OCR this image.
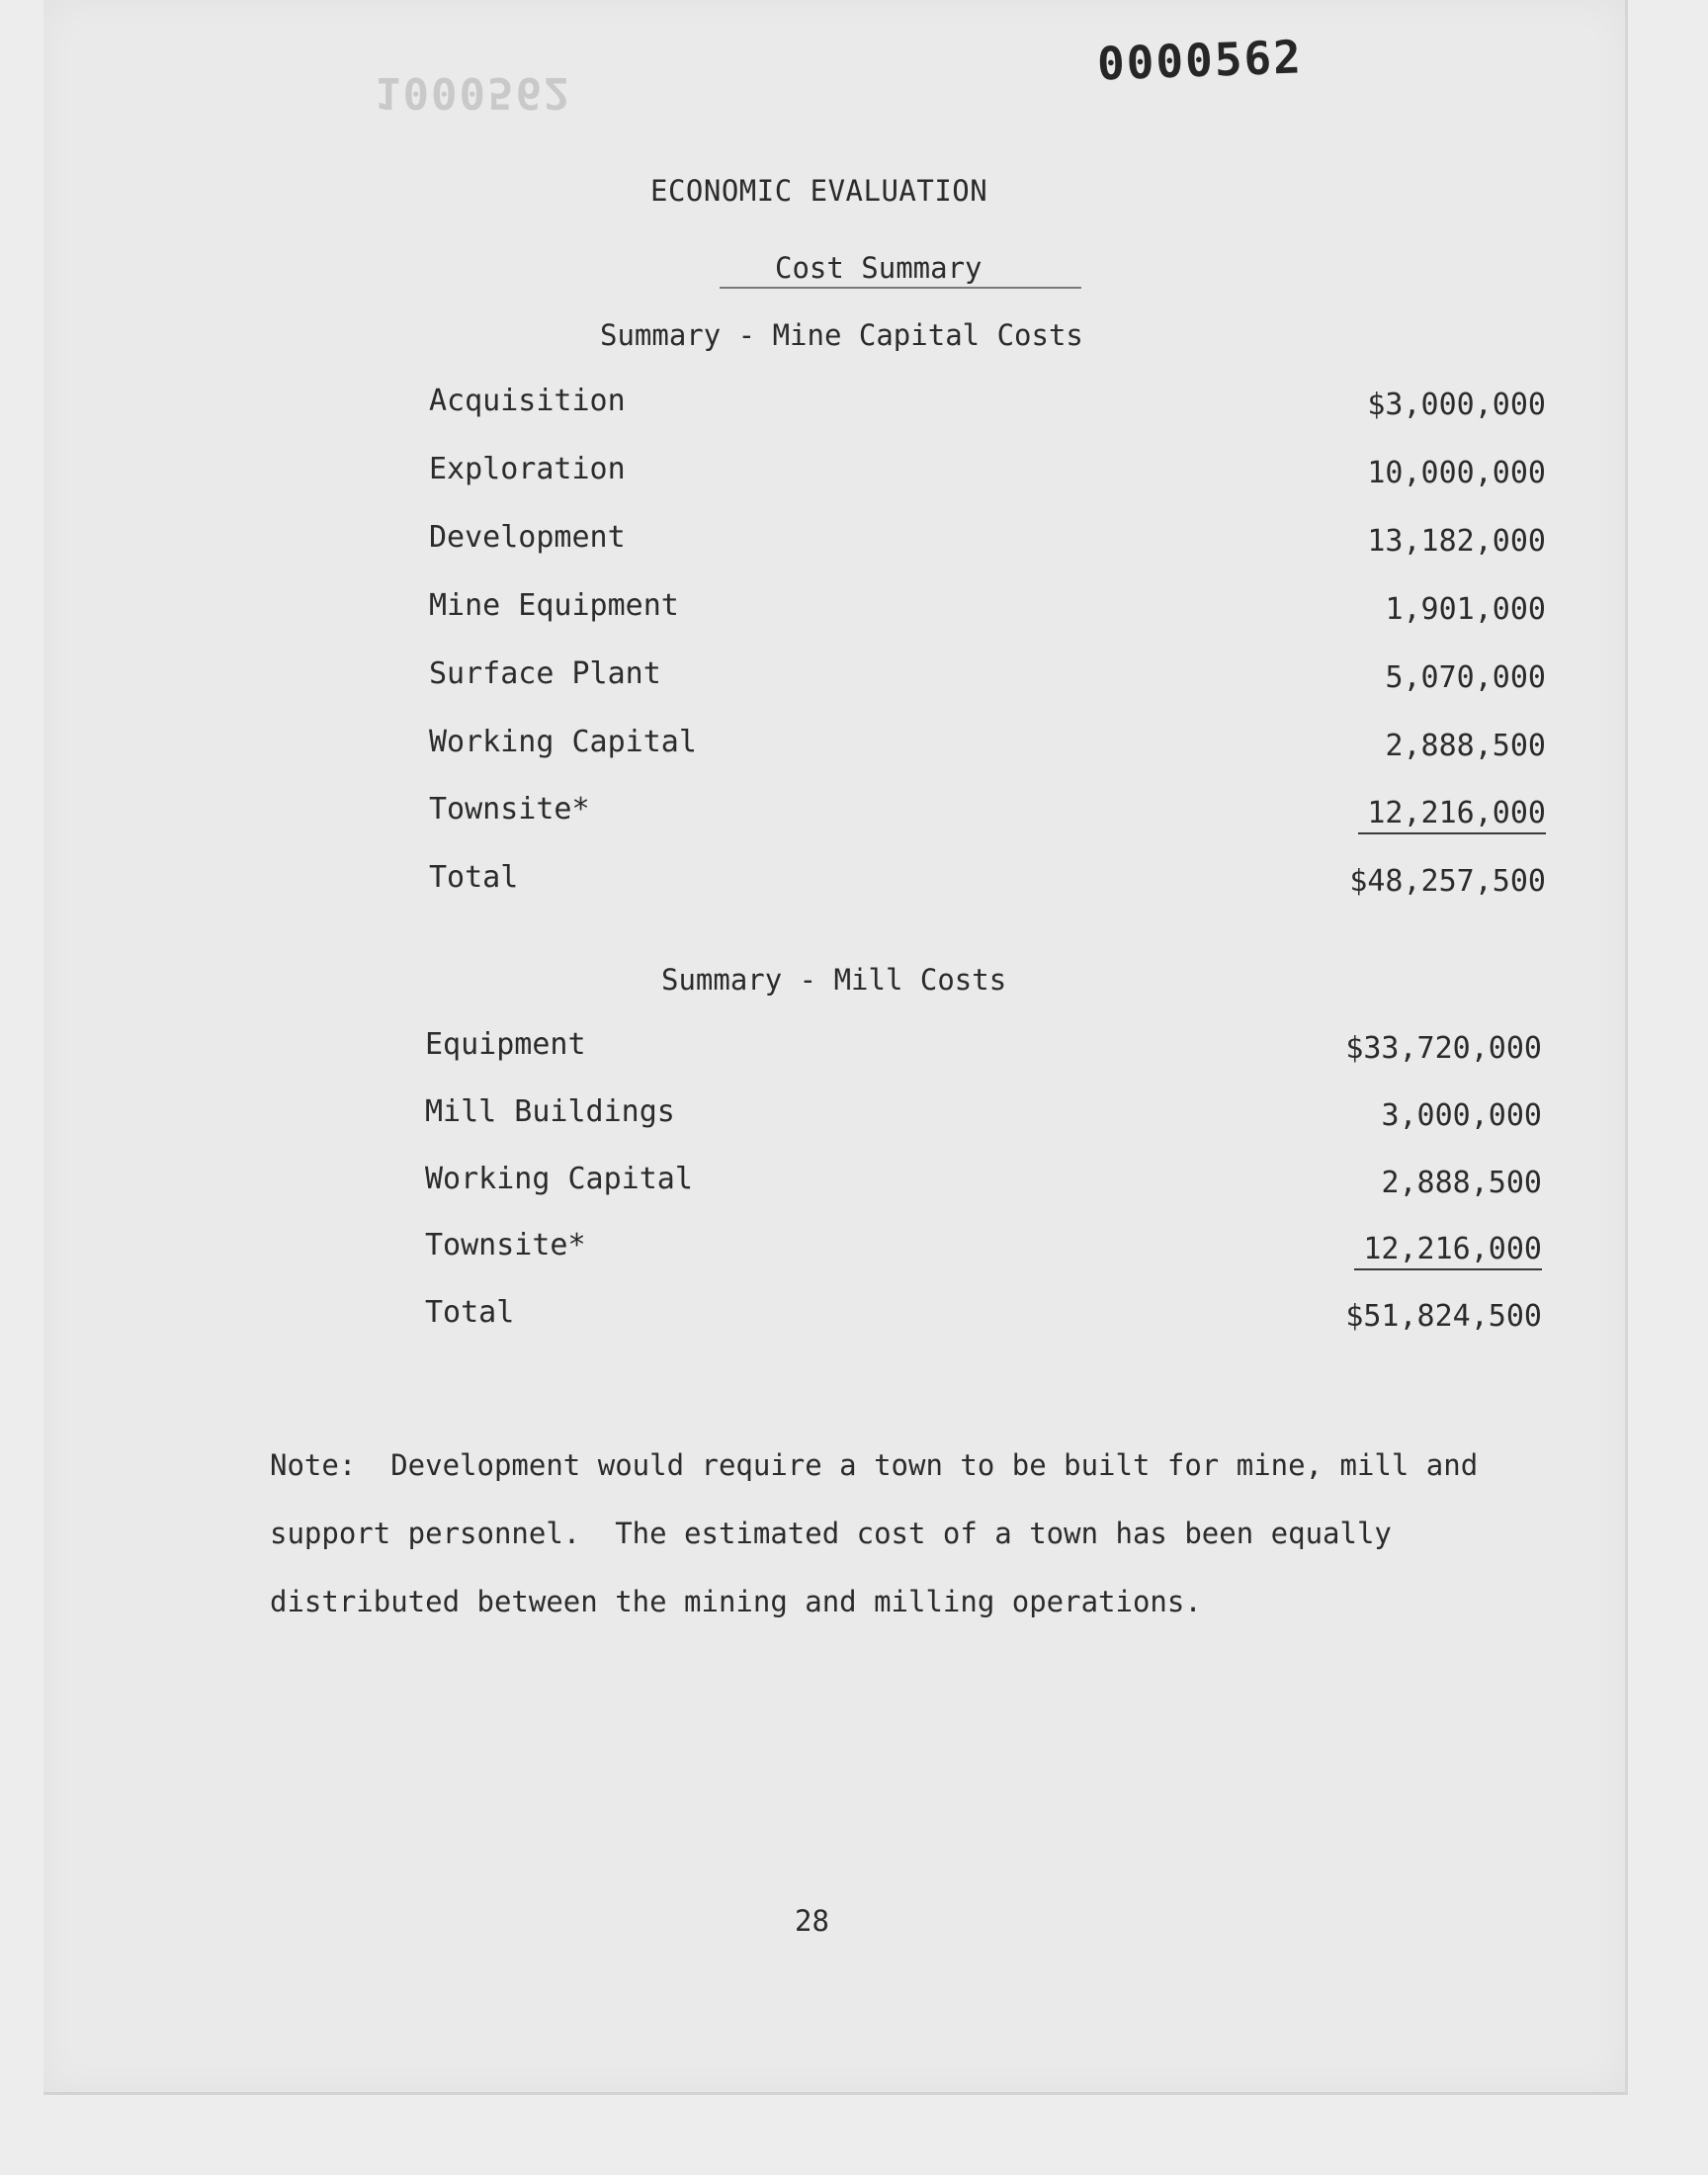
1000562
0000562
ECONOMIC EVALUATION
Cost Summary
Summary - Mine Capital Costs
Acquisition	$3,000,000
Exploration	10,000,000
Development	13,182,000
Mine Equipment	1,901,000
Surface Plant	5,070,000
Working Capital	2,888,500
Townsite*	12,216,000
Total	$48,257,500
Summary - Mill Costs
Equipment	$33,720,000
Mill Buildings	3,000,000
Working Capital	2,888,500
Townsite*	12,216,000
Total	$51,824,500
Note:  Development would require a town to be built for mine, mill and
support personnel.  The estimated cost of a town has been equally
distributed between the mining and milling operations.
28
